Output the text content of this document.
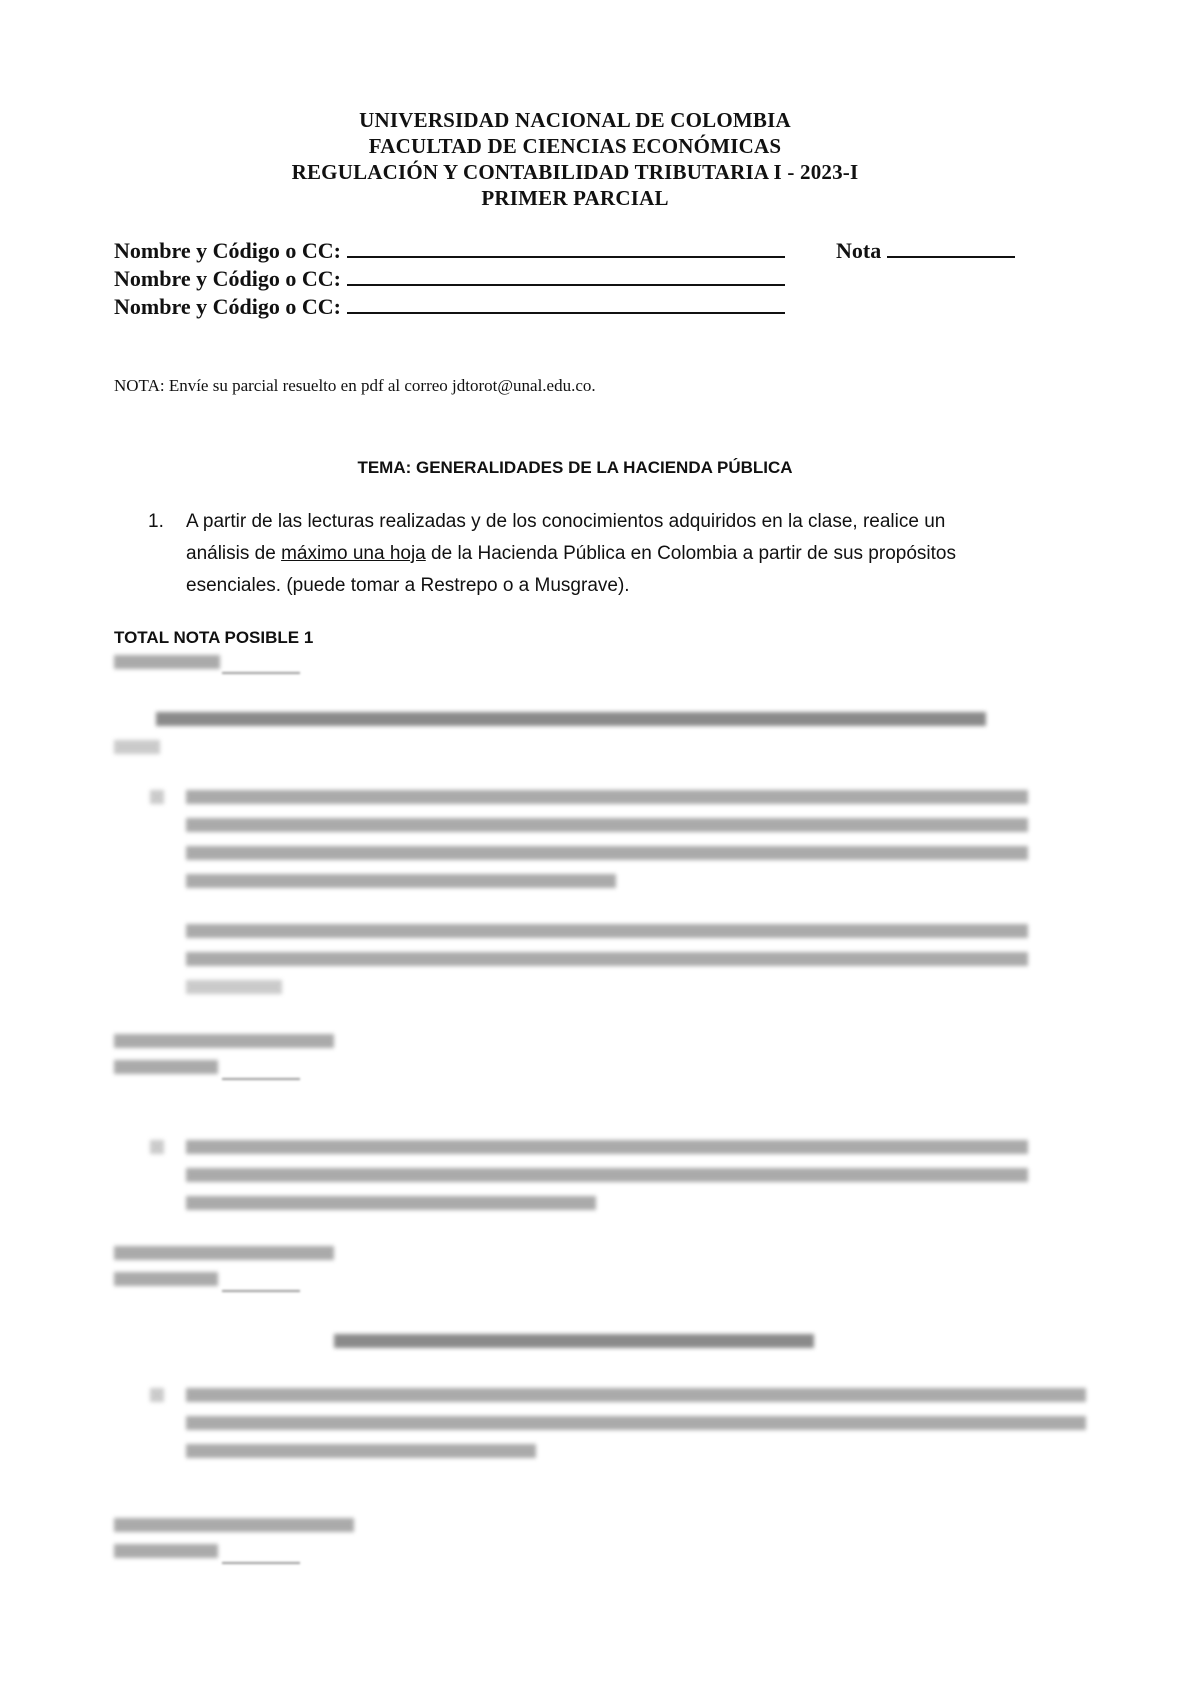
UNIVERSIDAD NACIONAL DE COLOMBIA
FACULTAD DE CIENCIAS ECONÓMICAS
REGULACIÓN Y CONTABILIDAD TRIBUTARIA I - 2023-I
PRIMER PARCIAL
Nombre y Código o CC:	Nota
Nombre y Código o CC:
Nombre y Código o CC:
NOTA: Envíe su parcial resuelto en pdf al correo jdtorot@unal.edu.co.
TEMA: GENERALIDADES DE LA HACIENDA PÚBLICA
1. A partir de las lecturas realizadas y de los conocimientos adquiridos en la clase, realice un análisis de máximo una hoja de la Hacienda Pública en Colombia a partir de sus propósitos esenciales. (puede tomar a Restrepo o a Musgrave).
TOTAL NOTA POSIBLE 1
